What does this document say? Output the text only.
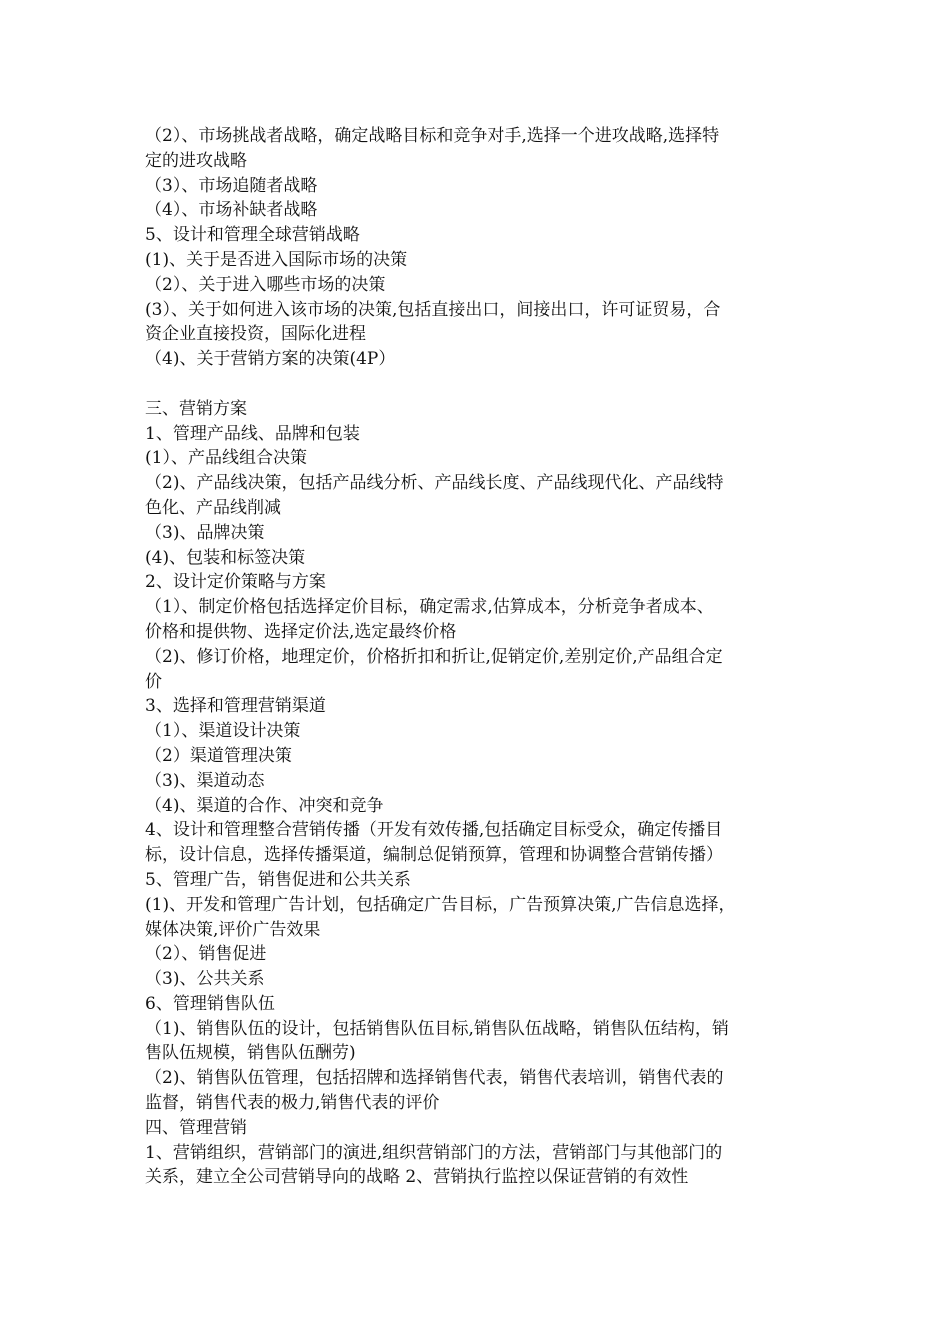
（2）、市场挑战者战略，确定战略目标和竞争对手,选择一个进攻战略,选择特
定的进攻战略
（3）、市场追随者战略
（4）、市场补缺者战略
5、设计和管理全球营销战略
(1)、关于是否进入国际市场的决策
（2）、关于进入哪些市场的决策
(3）、关于如何进入该市场的决策,包括直接出口，间接出口，许可证贸易，合
资企业直接投资，国际化进程
（4)、关于营销方案的决策(4P）
三、营销方案
1、管理产品线、品牌和包装
(1）、产品线组合决策
（2)、产品线决策，包括产品线分析、产品线长度、产品线现代化、产品线特
色化、产品线削减
（3)、品牌决策
(4)、包装和标签决策
2、设计定价策略与方案
（1）、制定价格包括选择定价目标，确定需求,估算成本，分析竞争者成本、
价格和提供物、选择定价法,选定最终价格
（2)、修订价格，地理定价，价格折扣和折让,促销定价,差别定价,产品组合定
价
3、选择和管理营销渠道
（1）、渠道设计决策
（2）渠道管理决策
（3)、渠道动态
（4)、渠道的合作、冲突和竞争
4、设计和管理整合营销传播（开发有效传播,包括确定目标受众，确定传播目
标，设计信息，选择传播渠道，编制总促销预算，管理和协调整合营销传播）
5、管理广告，销售促进和公共关系
(1)、开发和管理广告计划，包括确定广告目标，广告预算决策,广告信息选择，
媒体决策,评价广告效果
（2）、销售促进
（3)、公共关系
6、管理销售队伍
（1)、销售队伍的设计，包括销售队伍目标,销售队伍战略，销售队伍结构，销
售队伍规模，销售队伍酬劳)
（2)、销售队伍管理，包括招牌和选择销售代表，销售代表培训，销售代表的
监督，销售代表的极力,销售代表的评价
四、管理营销
1、营销组织，营销部门的演进,组织营销部门的方法，营销部门与其他部门的
关系，建立全公司营销导向的战略 2、营销执行监控以保证营销的有效性
